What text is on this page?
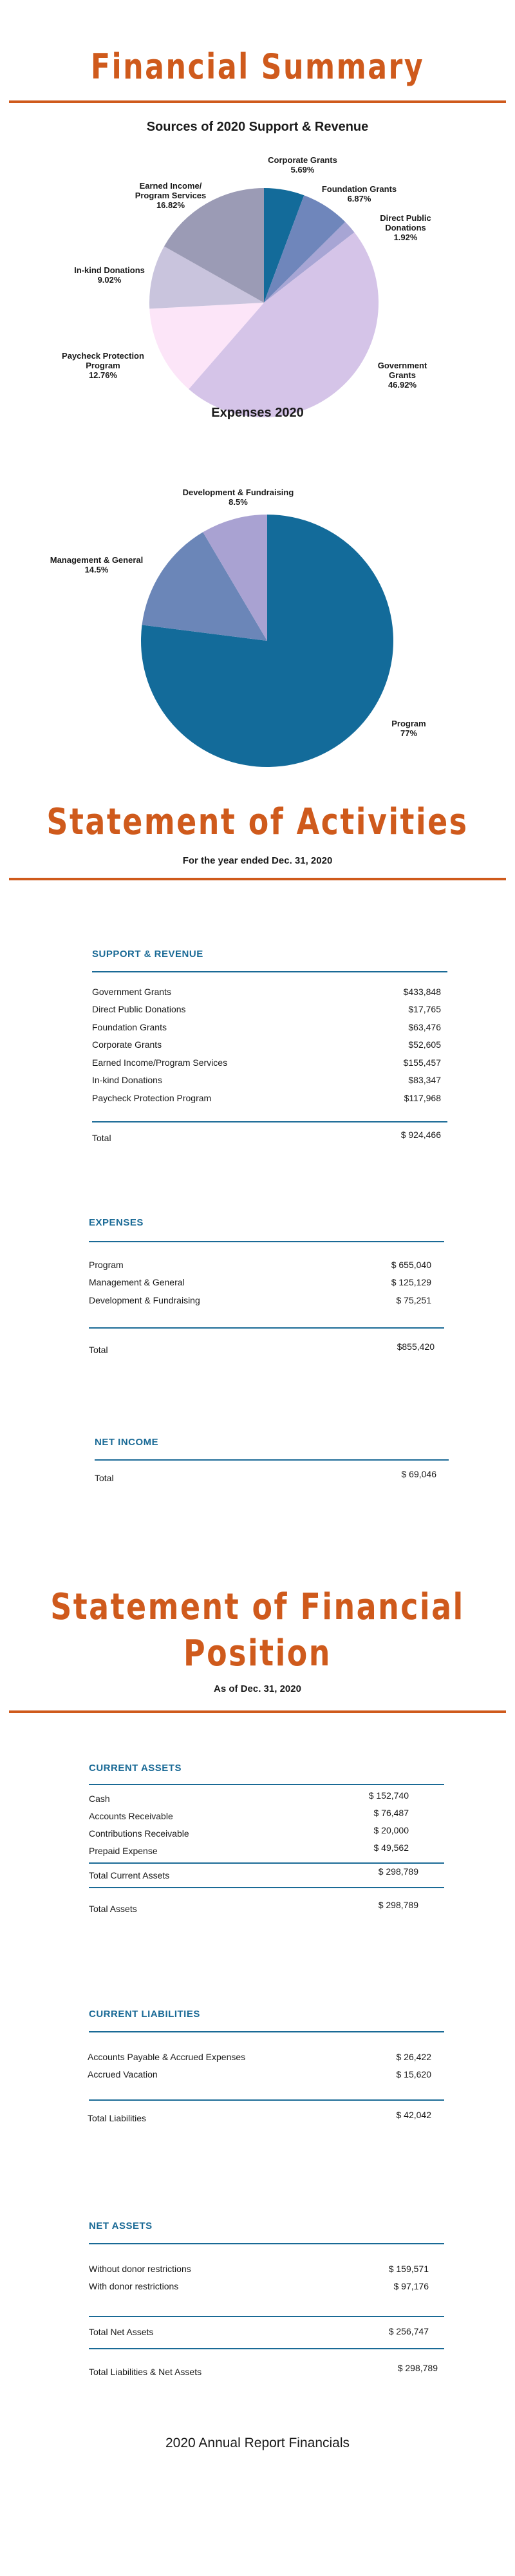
Financial Summary
Sources of 2020 Support & Revenue
Corporate Grants
5.69%
Foundation Grants
6.87%
Direct Public Donations
1.92%
Government Grants
46.92%
Paycheck Protection Program
12.76%
In-kind Donations
9.02%
Earned Income/ Program Services
16.82%
Expenses 2020
Development & Fundraising
8.5%
Management & General
14.5%
Program
77%
Statement of Activities
For the year ended Dec. 31, 2020
SUPPORT & REVENUE
Government Grants	$433,848
Direct Public Donations	$17,765
Foundation Grants	$63,476
Corporate Grants	$52,605
Earned Income/Program Services	$155,457
In-kind Donations	$83,347
Paycheck Protection Program	$117,968
Total	$ 924,466
EXPENSES
Program	$ 655,040
Management & General	$ 125,129
Development & Fundraising	$ 75,251
Total	$855,420
NET INCOME
Total	$ 69,046
Statement of Financial
Position
As of Dec. 31, 2020
CURRENT ASSETS
Cash	$ 152,740
Accounts Receivable	$ 76,487
Contributions Receivable	$ 20,000
Prepaid Expense	$ 49,562
Total Current Assets	$ 298,789
Total Assets	$ 298,789
CURRENT LIABILITIES
Accounts Payable & Accrued Expenses	$ 26,422
Accrued Vacation	$ 15,620
Total Liabilities	$ 42,042
NET ASSETS
Without donor restrictions	$ 159,571
With donor restrictions	$ 97,176
Total Net Assets	$ 256,747
Total Liabilities & Net Assets	$ 298,789
2020 Annual Report Financials
